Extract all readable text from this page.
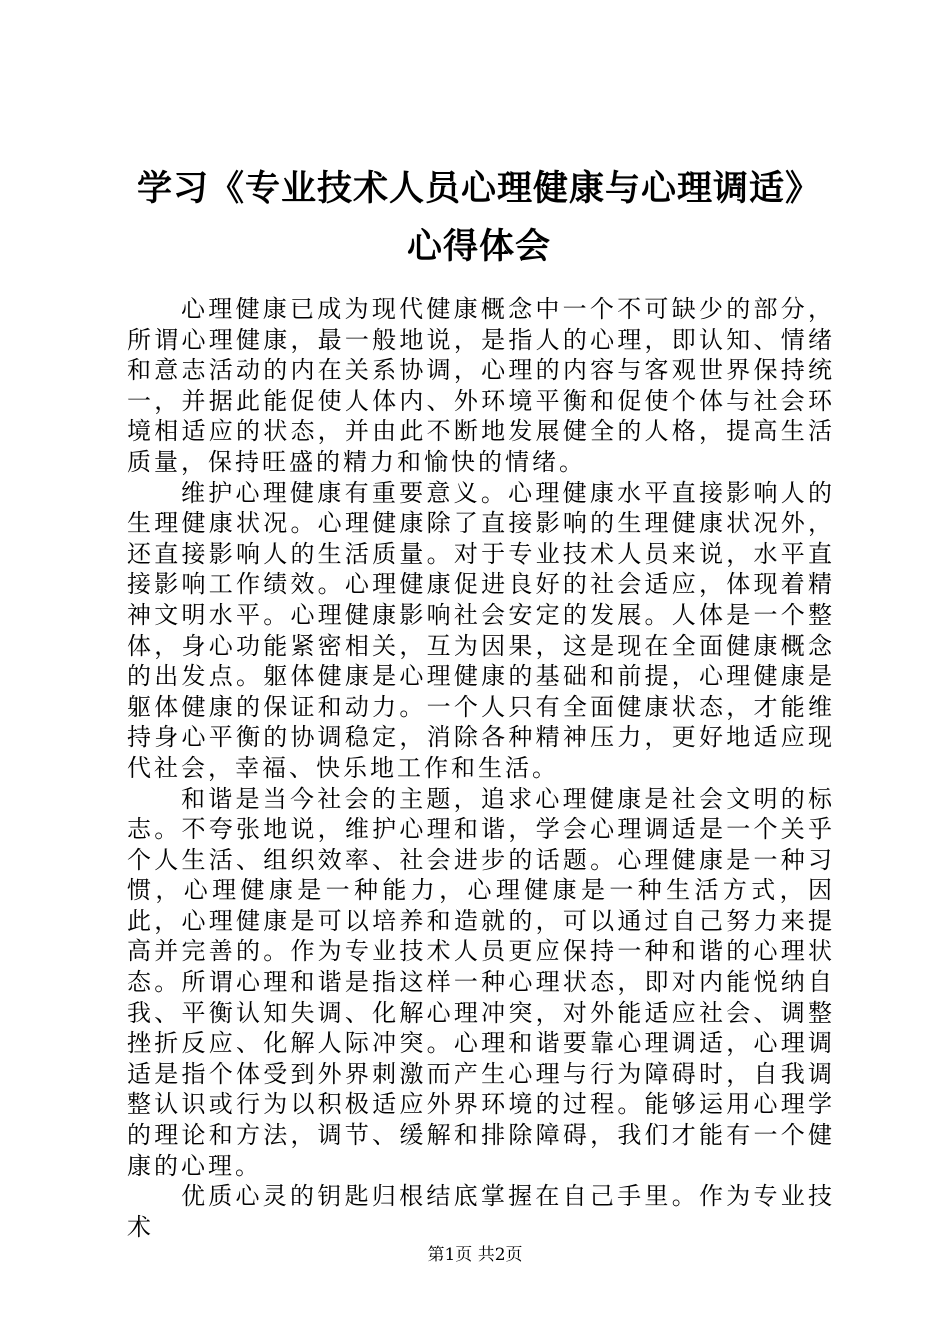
学习《专业技术人员心理健康与心理调适》心得体会

心理健康已成为现代健康概念中一个不可缺少的部分，所谓心理健康，最一般地说，是指人的心理，即认知、情绪和意志活动的内在关系协调，心理的内容与客观世界保持统一，并据此能促使人体内、外环境平衡和促使个体与社会环境相适应的状态，并由此不断地发展健全的人格，提高生活质量，保持旺盛的精力和愉快的情绪。

维护心理健康有重要意义。心理健康水平直接影响人的生理健康状况。心理健康除了直接影响的生理健康状况外，还直接影响人的生活质量。对于专业技术人员来说，水平直接影响工作绩效。心理健康促进良好的社会适应，体现着精神文明水平。心理健康影响社会安定的发展。人体是一个整体，身心功能紧密相关，互为因果，这是现在全面健康概念的出发点。躯体健康是心理健康的基础和前提，心理健康是躯体健康的保证和动力。一个人只有全面健康状态，才能维持身心平衡的协调稳定，消除各种精神压力，更好地适应现代社会，幸福、快乐地工作和生活。

和谐是当今社会的主题，追求心理健康是社会文明的标志。不夸张地说，维护心理和谐，学会心理调适是一个关乎个人生活、组织效率、社会进步的话题。心理健康是一种习惯，心理健康是一种能力，心理健康是一种生活方式，因此，心理健康是可以培养和造就的，可以通过自己努力来提高并完善的。作为专业技术人员更应保持一种和谐的心理状态。所谓心理和谐是指这样一种心理状态，即对内能悦纳自我、平衡认知失调、化解心理冲突，对外能适应社会、调整挫折反应、化解人际冲突。心理和谐要靠心理调适，心理调适是指个体受到外界刺激而产生心理与行为障碍时，自我调整认识或行为以积极适应外界环境的过程。能够运用心理学的理论和方法，调节、缓解和排除障碍，我们才能有一个健康的心理。

优质心灵的钥匙归根结底掌握在自己手里。作为专业技术

第1页 共2页
